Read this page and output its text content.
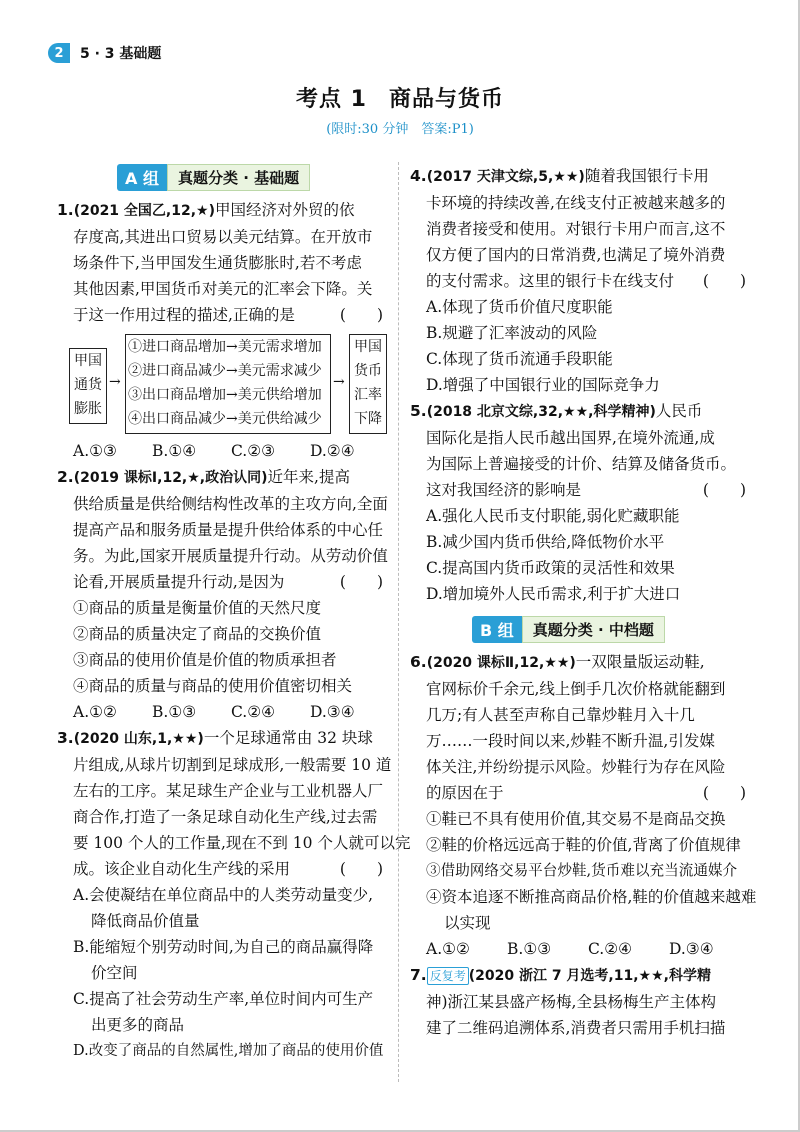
2	5 · 3 基础题
考点 1 商品与货币
(限时:30 分钟　答案:P1)
A 组	真题分类 · 基础题
1.(2021 全国乙,12,★)甲国经济对外贸的依
存度高,其进出口贸易以美元结算。在开放市
场条件下,当甲国发生通货膨胀时,若不考虑
其他因素,甲国货币对美元的汇率会下降。关
于这一作用过程的描述,正确的是	(　　)
甲国
通货
膨胀
→
①进口商品增加→美元需求增加
②进口商品减少→美元需求减少
③出口商品增加→美元供给增加
④出口商品减少→美元供给减少
→
甲国
货币
汇率
下降
A.①③	B.①④	C.②③	D.②④
2.(2019 课标Ⅰ,12,★,政治认同)近年来,提高
供给质量是供给侧结构性改革的主攻方向,全面
提高产品和服务质量是提升供给体系的中心任
务。为此,国家开展质量提升行动。从劳动价值
论看,开展质量提升行动,是因为	(　　)
①商品的质量是衡量价值的天然尺度
②商品的质量决定了商品的交换价值
③商品的使用价值是价值的物质承担者
④商品的质量与商品的使用价值密切相关
A.①②	B.①③	C.②④	D.③④
3.(2020 山东,1,★★)一个足球通常由 32 块球
片组成,从球片切割到足球成形,一般需要 10 道
左右的工序。某足球生产企业与工业机器人厂
商合作,打造了一条足球自动化生产线,过去需
要 100 个人的工作量,现在不到 10 个人就可以完
成。该企业自动化生产线的采用	(　　)
A.会使凝结在单位商品中的人类劳动量变少,
降低商品价值量
B.能缩短个别劳动时间,为自己的商品赢得降
价空间
C.提高了社会劳动生产率,单位时间内可生产
出更多的商品
D.改变了商品的自然属性,增加了商品的使用价值
4.(2017 天津文综,5,★★)随着我国银行卡用
卡环境的持续改善,在线支付正被越来越多的
消费者接受和使用。对银行卡用户而言,这不
仅方便了国内的日常消费,也满足了境外消费
的支付需求。这里的银行卡在线支付 (　　)
A.体现了货币价值尺度职能
B.规避了汇率波动的风险
C.体现了货币流通手段职能
D.增强了中国银行业的国际竞争力
5.(2018 北京文综,32,★★,科学精神)人民币
国际化是指人民币越出国界,在境外流通,成
为国际上普遍接受的计价、结算及储备货币。
这对我国经济的影响是	(　　)
A.强化人民币支付职能,弱化贮藏职能
B.减少国内货币供给,降低物价水平
C.提高国内货币政策的灵活性和效果
D.增加境外人民币需求,利于扩大进口
B 组	真题分类 · 中档题
6.(2020 课标Ⅱ,12,★★)一双限量版运动鞋,
官网标价千余元,线上倒手几次价格就能翻到
几万;有人甚至声称自己靠炒鞋月入十几
万……一段时间以来,炒鞋不断升温,引发媒
体关注,并纷纷提示风险。炒鞋行为存在风险
的原因在于	(　　)
①鞋已不具有使用价值,其交易不是商品交换
②鞋的价格远远高于鞋的价值,背离了价值规律
③借助网络交易平台炒鞋,货币难以充当流通媒介
④资本追逐不断推高商品价格,鞋的价值越来越难
以实现
A.①②	B.①③	C.②④	D.③④
7. 反复考 (2020 浙江 7 月选考,11,★★,科学精
神)浙江某县盛产杨梅,全县杨梅生产主体构
建了二维码追溯体系,消费者只需用手机扫描
